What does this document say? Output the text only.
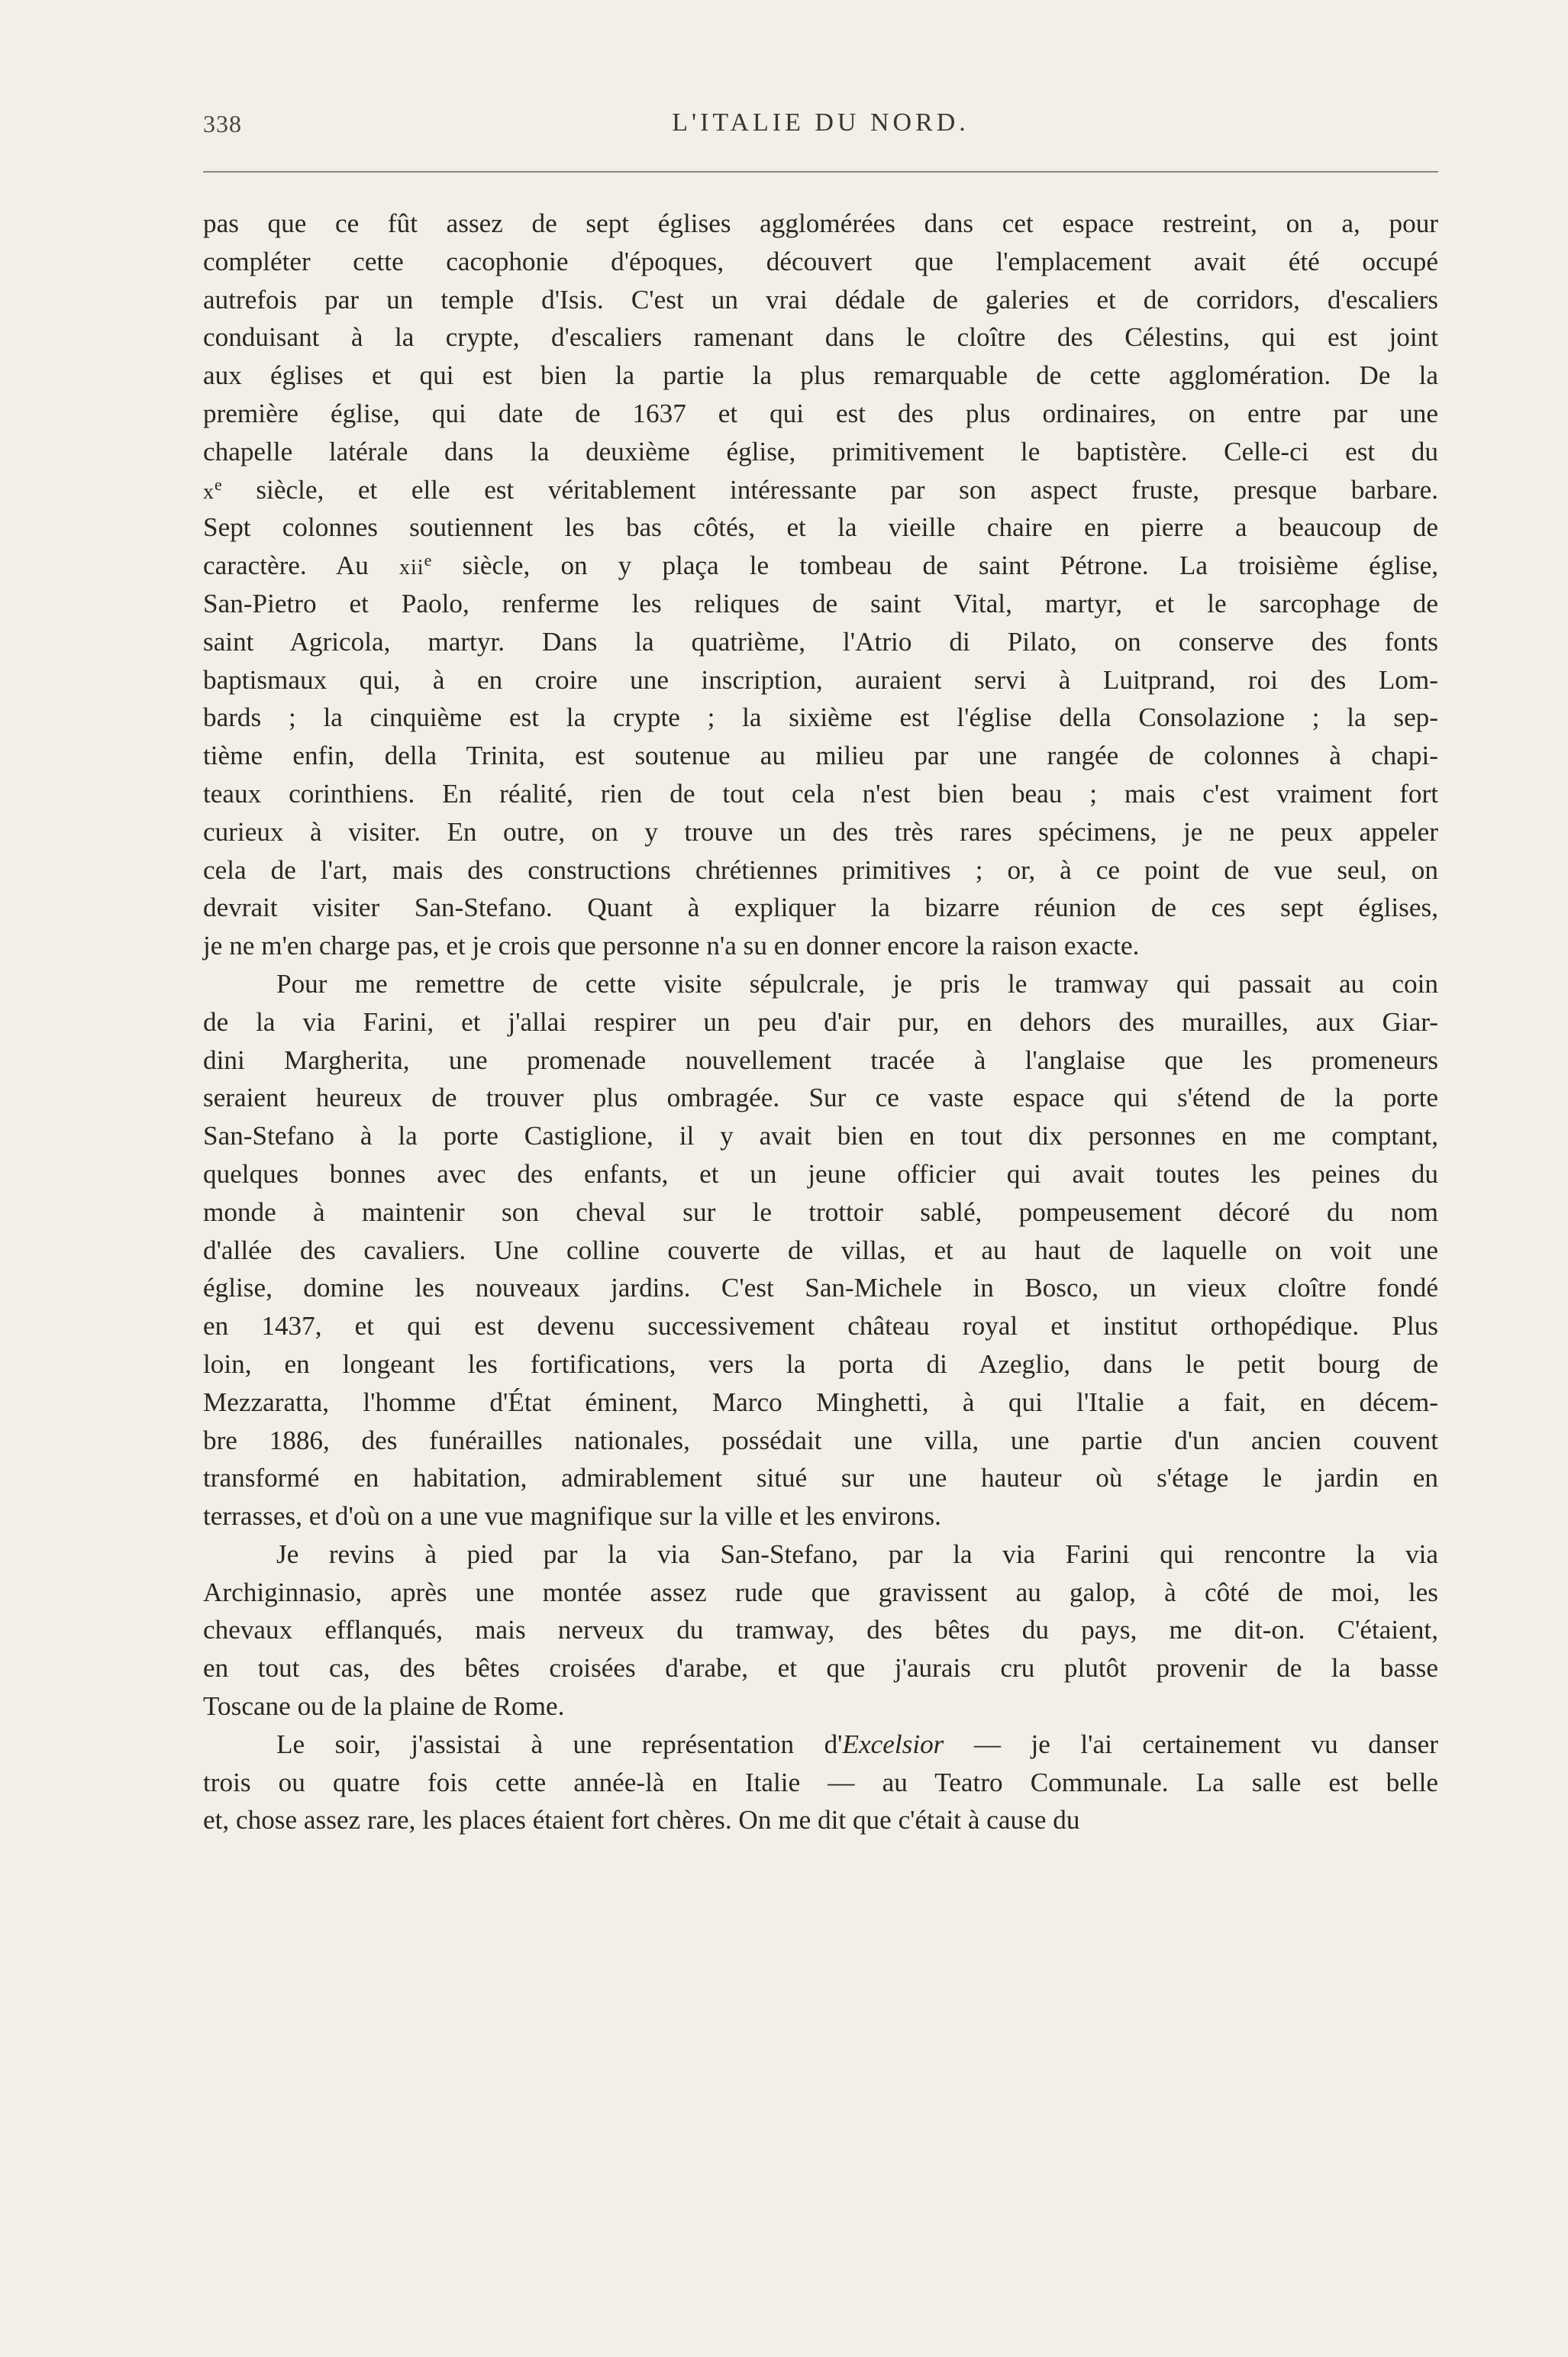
338	L'ITALIE DU NORD.
pas que ce fût assez de sept églises agglomérées dans cet espace restreint, on a, pour
compléter cette cacophonie d'époques, découvert que l'emplacement avait été occupé
autrefois par un temple d'Isis. C'est un vrai dédale de galeries et de corridors, d'escaliers
conduisant à la crypte, d'escaliers ramenant dans le cloître des Célestins, qui est joint
aux églises et qui est bien la partie la plus remarquable de cette agglomération. De la
première église, qui date de 1637 et qui est des plus ordinaires, on entre par une
chapelle latérale dans la deuxième église, primitivement le baptistère. Celle-ci est du
$x^e$ siècle, et elle est véritablement intéressante par son aspect fruste, presque barbare.
Sept colonnes soutiennent les bas côtés, et la vieille chaire en pierre a beaucoup de
caractère. Au xii$^e$ siècle, on y plaça le tombeau de saint Pétrone. La troisième église,
San-Pietro et Paolo, renferme les reliques de saint Vital, martyr, et le sarcophage de
saint Agricola, martyr. Dans la quatrième, l'Atrio di Pilato, on conserve des fonts
baptismaux qui, à en croire une inscription, auraient servi à Luitprand, roi des Lom-
bards ; la cinquième est la crypte ; la sixième est l'église della Consolazione ; la sep-
tième enfin, della Trinita, est soutenue au milieu par une rangée de colonnes à chapi-
teaux corinthiens. En réalité, rien de tout cela n'est bien beau ; mais c'est vraiment fort
curieux à visiter. En outre, on y trouve un des très rares spécimens, je ne peux appeler
cela de l'art, mais des constructions chrétiennes primitives ; or, à ce point de vue seul, on
devrait visiter San-Stefano. Quant à expliquer la bizarre réunion de ces sept églises,
je ne m'en charge pas, et je crois que personne n'a su en donner encore la raison exacte.
Pour me remettre de cette visite sépulcrale, je pris le tramway qui passait au coin
de la via Farini, et j'allai respirer un peu d'air pur, en dehors des murailles, aux Giar-
dini Margherita, une promenade nouvellement tracée à l'anglaise que les promeneurs
seraient heureux de trouver plus ombragée. Sur ce vaste espace qui s'étend de la porte
San-Stefano à la porte Castiglione, il y avait bien en tout dix personnes en me comptant,
quelques bonnes avec des enfants, et un jeune officier qui avait toutes les peines du
monde à maintenir son cheval sur le trottoir sablé, pompeusement décoré du nom
d'allée des cavaliers. Une colline couverte de villas, et au haut de laquelle on voit une
église, domine les nouveaux jardins. C'est San-Michele in Bosco, un vieux cloître fondé
en 1437, et qui est devenu successivement château royal et institut orthopédique. Plus
loin, en longeant les fortifications, vers la porta di Azeglio, dans le petit bourg de
Mezzaratta, l'homme d'État éminent, Marco Minghetti, à qui l'Italie a fait, en décem-
bre 1886, des funérailles nationales, possédait une villa, une partie d'un ancien couvent
transformé en habitation, admirablement situé sur une hauteur où s'étage le jardin en
terrasses, et d'où on a une vue magnifique sur la ville et les environs.
Je revins à pied par la via San-Stefano, par la via Farini qui rencontre la via
Archiginnasio, après une montée assez rude que gravissent au galop, à côté de moi, les
chevaux efflanqués, mais nerveux du tramway, des bêtes du pays, me dit-on. C'étaient,
en tout cas, des bêtes croisées d'arabe, et que j'aurais cru plutôt provenir de la basse
Toscane ou de la plaine de Rome.
Le soir, j'assistai à une représentation d'Excelsior — je l'ai certainement vu danser
trois ou quatre fois cette année-là en Italie — au Teatro Communale. La salle est belle
et, chose assez rare, les places étaient fort chères. On me dit que c'était à cause du
